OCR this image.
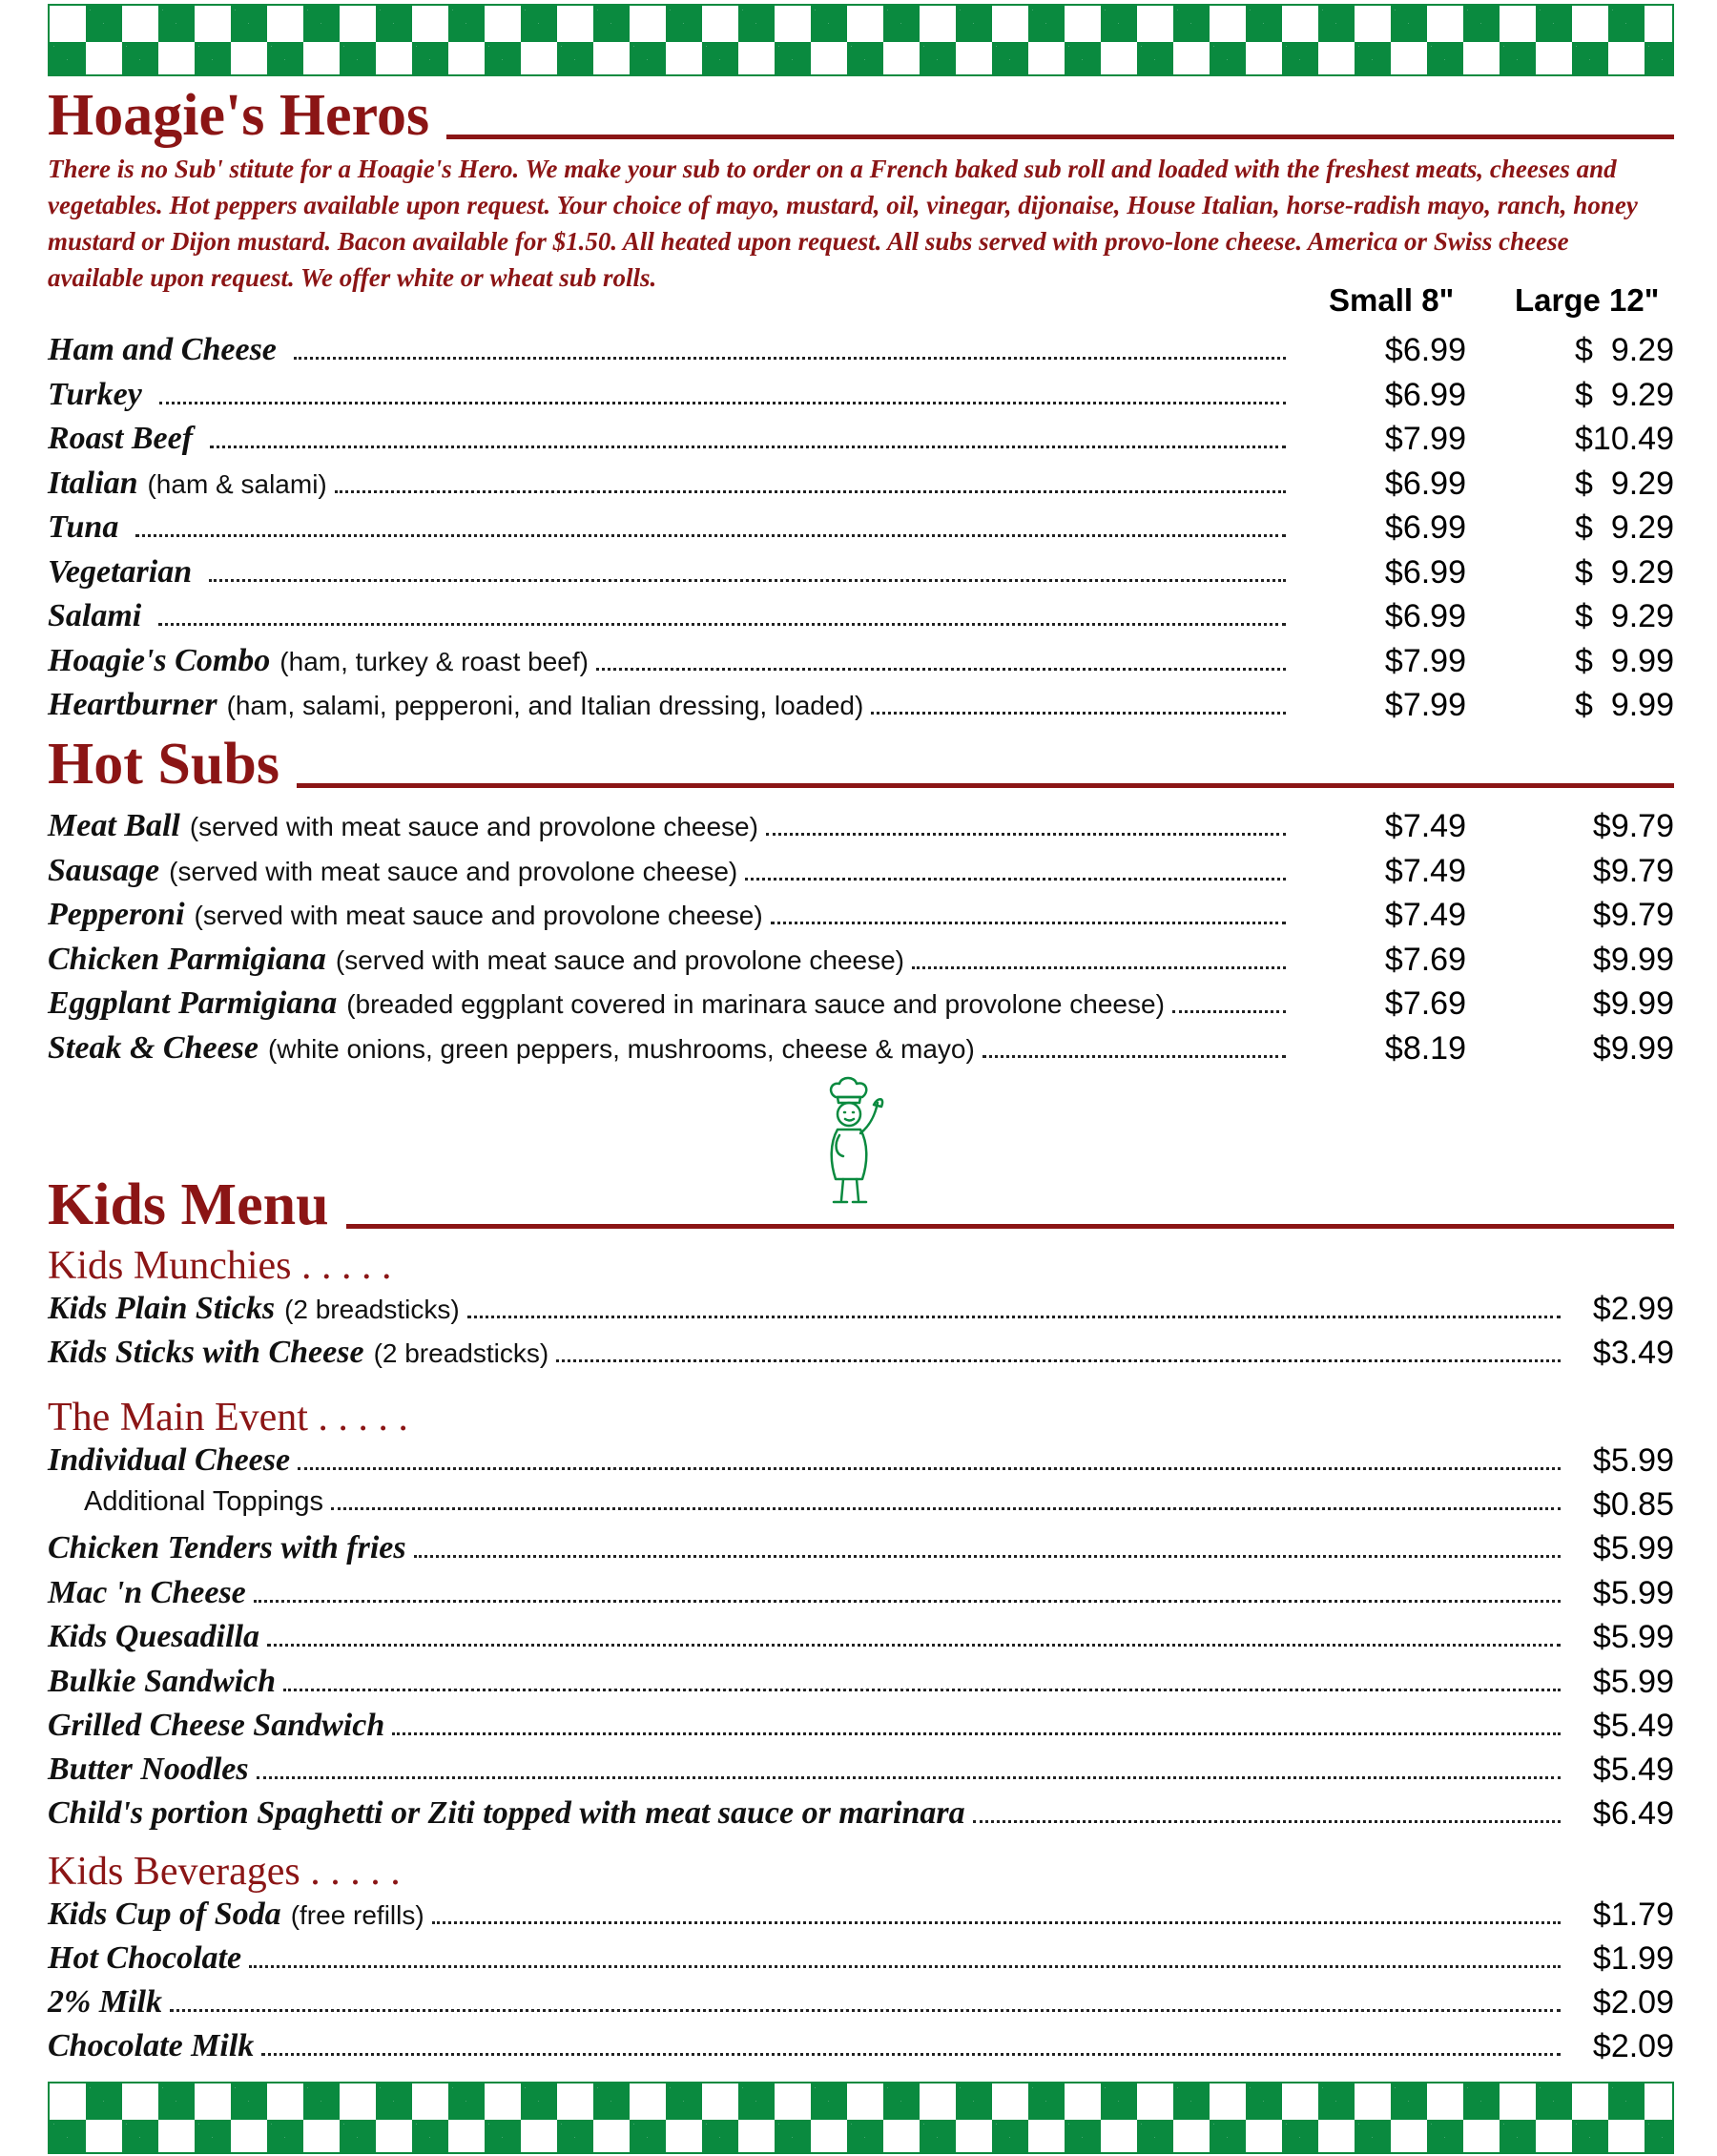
Hoagie's Heros
There is no Sub' stitute for a Hoagie's Hero. We make your sub to order on a French baked sub roll and loaded with the freshest meats, cheeses and vegetables. Hot peppers available upon request. Your choice of mayo, mustard, oil, vinegar, dijonaise, House Italian, horse-radish mayo, ranch, honey mustard or Dijon mustard. Bacon available for $1.50. All heated upon request. All subs served with provo-lone cheese. America or Swiss cheese available upon request. We offer white or wheat sub rolls.
Small 8" Large 12"
Ham and Cheese	$6.99	$  9.29
Turkey	$6.99	$  9.29
Roast Beef	$7.99	$10.49
Italian (ham & salami)	$6.99	$  9.29
Tuna	$6.99	$  9.29
Vegetarian	$6.99	$  9.29
Salami	$6.99	$  9.29
Hoagie's Combo (ham, turkey & roast beef)	$7.99	$  9.99
Heartburner (ham, salami, pepperoni, and Italian dressing, loaded)	$7.99	$  9.99
Hot Subs
Meat Ball (served with meat sauce and provolone cheese)	$7.49	$9.79
Sausage (served with meat sauce and provolone cheese)	$7.49	$9.79
Pepperoni (served with meat sauce and provolone cheese)	$7.49	$9.79
Chicken Parmigiana (served with meat sauce and provolone cheese)	$7.69	$9.99
Eggplant Parmigiana (breaded eggplant covered in marinara sauce and provolone cheese)	$7.69	$9.99
Steak & Cheese (white onions, green peppers, mushrooms, cheese & mayo)	$8.19	$9.99
Kids Menu
Kids Munchies . . . . .
Kids Plain Sticks (2 breadsticks)	$2.99
Kids Sticks with Cheese (2 breadsticks)	$3.49
The Main Event . . . . .
Individual Cheese	$5.99
Additional Toppings	$0.85
Chicken Tenders with fries	$5.99
Mac 'n Cheese	$5.99
Kids Quesadilla	$5.99
Bulkie Sandwich	$5.99
Grilled Cheese Sandwich	$5.49
Butter Noodles	$5.49
Child's portion Spaghetti or Ziti topped with meat sauce or marinara	$6.49
Kids Beverages . . . . .
Kids Cup of Soda (free refills)	$1.79
Hot Chocolate	$1.99
2% Milk	$2.09
Chocolate Milk	$2.09
